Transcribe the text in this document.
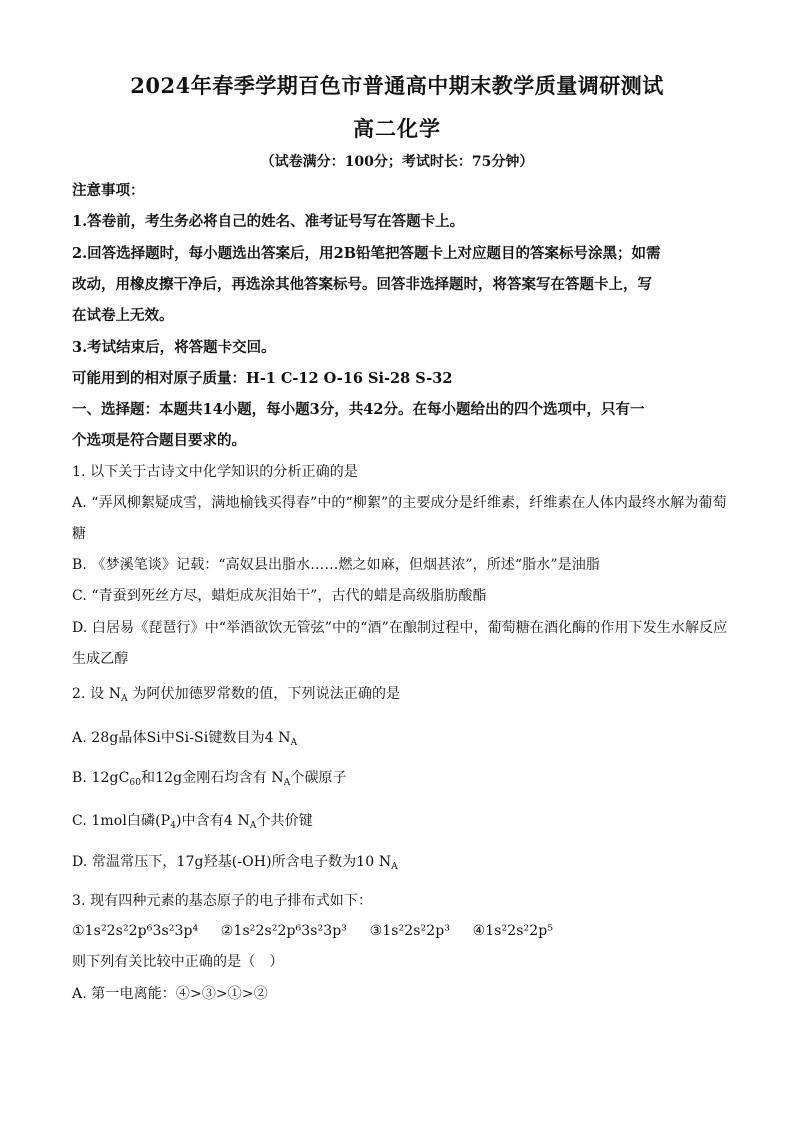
2024年春季学期百色市普通高中期末教学质量调研测试
高二化学
（试卷满分：100分；考试时长：75分钟）
注意事项：
1.答卷前，考生务必将自己的姓名、准考证号写在答题卡上。
2.回答选择题时，每小题选出答案后，用2B铅笔把答题卡上对应题目的答案标号涂黑；如需
改动，用橡皮擦干净后，再选涂其他答案标号。回答非选择题时，将答案写在答题卡上，写
在试卷上无效。
3.考试结束后，将答题卡交回。
可能用到的相对原子质量：H-1 C-12 O-16 Si-28 S-32
一、选择题：本题共14小题，每小题3分，共42分。在每小题给出的四个选项中，只有一
个选项是符合题目要求的。
1. 以下关于古诗文中化学知识的分析正确的是
A. “弄风柳絮疑成雪，满地榆钱买得春”中的“柳絮”的主要成分是纤维素，纤维素在人体内最终水解为葡萄
糖
B. 《梦溪笔谈》记载：“高奴县出脂水……燃之如麻，但烟甚浓”，所述“脂水”是油脂
C. “青蚕到死丝方尽，蜡炬成灰泪始干”，古代的蜡是高级脂肪酸酯
D. 白居易《琵琶行》中“举酒欲饮无管弦”中的“酒”在酿制过程中，葡萄糖在酒化酶的作用下发生水解反应
生成乙醇
2. 设 $N_A$ 为阿伏加德罗常数的值，下列说法正确的是
A. 28g晶体Si中Si-Si键数目为4 $N_A$
B. $12gC_{60}$和12g金刚石均含有 $N_A$个碳原子
C. 1mol白磷$(P_4)$中含有4 $N_A$个共价键
D. 常温常压下，17g羟基(-OH)所含电子数为10 $N_A$
3. 现有四种元素的基态原子的电子排布式如下：
①1s²2s²2p⁶3s²3p⁴ ②1s²2s²2p⁶3s²3p³ ③1s²2s²2p³ ④1s²2s²2p⁵
则下列有关比较中正确的是（　）
A. 第一电离能：④>③>①>②
